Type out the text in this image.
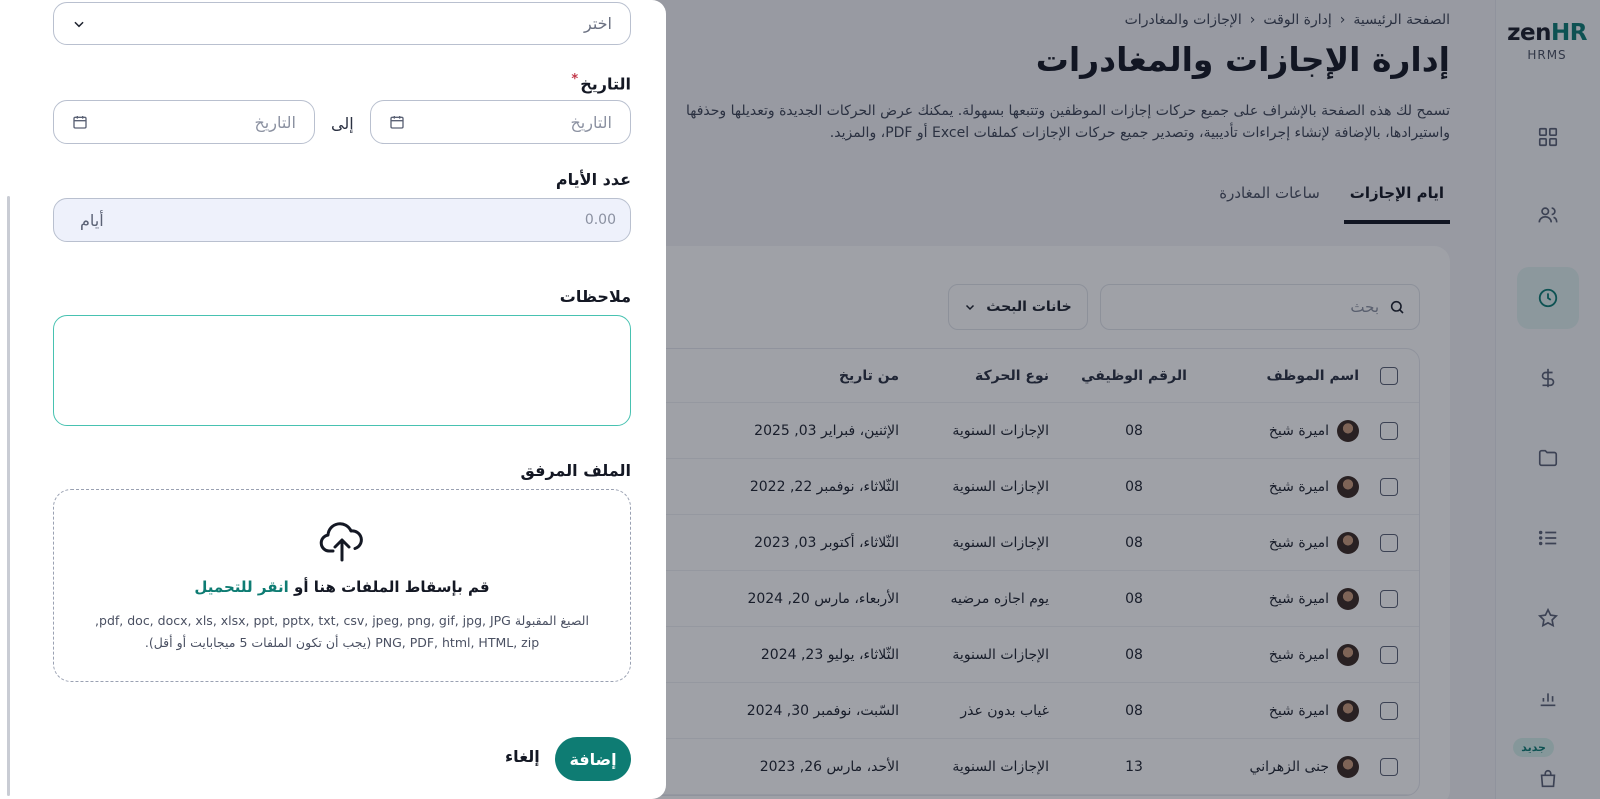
zenHR
HRMS
جديد
الصفحة الرئيسية
‹
إدارة الوقت
‹
الإجازات والمغادرات
إدارة الإجازات والمغادرات
تسمح لك هذه الصفحة بالإشراف على جميع حركات إجازات الموظفين وتتبعها بسهولة. يمكنك عرض الحركات الجديدة وتعديلها وحذفها واستيرادها، بالإضافة لإنشاء إجراءات تأديبية، وتصدير جميع حركات الإجازات كملفات Excel أو PDF، والمزيد.
ايام الإجازات
ساعات المغادرة
بحث
خانات البحث
اسم الموظف
الرقم الوظيفي
نوع الحركة
من تاريخ
اميرة شيخ
08
الإجازات السنوية
الإثنين، فبراير 03, 2025
اميرة شيخ
08
الإجازات السنوية
الثّلاثاء، نوفمبر 22, 2022
اميرة شيخ
08
الإجازات السنوية
الثّلاثاء، أكتوبر 03, 2023
اميرة شيخ
08
يوم اجازه مرضيه
الأربعاء، مارس 20, 2024
اميرة شيخ
08
الإجازات السنوية
الثّلاثاء، يوليو 23, 2024
اميرة شيخ
08
غياب بدون عذر
السّبت، نوفمبر 30, 2024
جنى الزهراني
13
الإجازات السنوية
الأحد، مارس 26, 2023
اختر
التاريخ*
التاريخ
إلى
التاريخ
عدد الأيام
0.00
أيام
ملاحظات
الملف المرفق
قم بإسقاط الملفات هنا أو انقر للتحميل
الصيغ المقبولة pdf, doc, docx, xls, xlsx, ppt, pptx, txt, csv, jpeg, png, gif, jpg, JPG,
PNG, PDF, html, HTML, zip (يجب أن تكون الملفات 5 ميجابايت أو أقل).
إضافة
إلغاء
